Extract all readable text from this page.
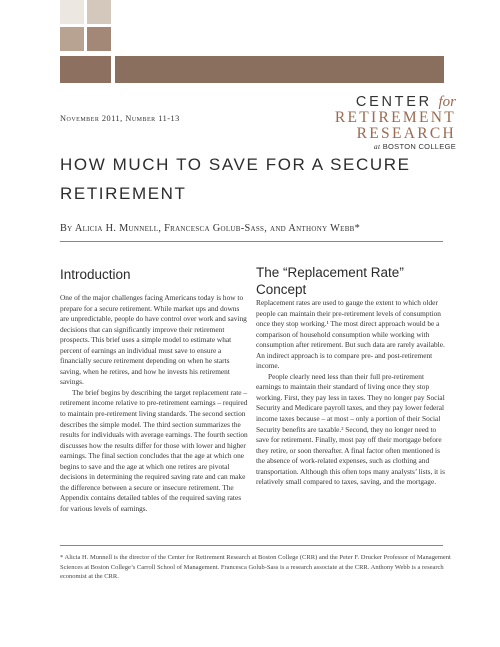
CENTER for
RETIREMENT
RESEARCH
at BOSTON COLLEGE
November 2011, Number 11-13
HOW MUCH TO SAVE FOR A SECURE
RETIREMENT
By Alicia H. Munnell, Francesca Golub-Sass, and Anthony Webb*
Introduction	The “Replacement Rate”
Concept

One of the major challenges facing Americans today is how to prepare for a secure retirement. While market ups and downs are unpredictable, people do have control over work and saving decisions that can significantly improve their retirement prospects. This brief uses a simple model to estimate what percent of earnings an individual must save to ensure a financially secure retirement depending on when he starts saving, when he retires, and how he invests his retirement savings.

The brief begins by describing the target replacement rate – retirement income relative to pre-retirement earnings – required to maintain pre-retirement living standards. The second section describes the simple model. The third section summarizes the results for individuals with average earnings. The fourth section discusses how the results differ for those with lower and higher earnings. The final section concludes that the age at which one begins to save and the age at which one retires are pivotal decisions in determining the required saving rate and can make the difference between a secure or insecure retirement. The Appendix contains detailed tables of the required saving rates for various levels of earnings.

Replacement rates are used to gauge the extent to which older people can maintain their pre-retirement levels of consumption once they stop working.¹ The most direct approach would be a comparison of household consumption while working with consumption after retirement. But such data are rarely available. An indirect approach is to compare pre- and post-retirement income.

People clearly need less than their full pre-retirement earnings to maintain their standard of living once they stop working. First, they pay less in taxes. They no longer pay Social Security and Medicare payroll taxes, and they pay lower federal income taxes because – at most – only a portion of their Social Security benefits are taxable.² Second, they no longer need to save for retirement. Finally, most pay off their mortgage before they retire, or soon thereafter. A final factor often mentioned is the absence of work-related expenses, such as clothing and transportation. Although this often tops many analysts’ lists, it is relatively small compared to taxes, saving, and the mortgage.

* Alicia H. Munnell is the director of the Center for Retirement Research at Boston College (CRR) and the Peter F. Drucker Professor of Management Sciences at Boston College’s Carroll School of Management. Francesca Golub-Sass is a research associate at the CRR. Anthony Webb is a research economist at the CRR.
